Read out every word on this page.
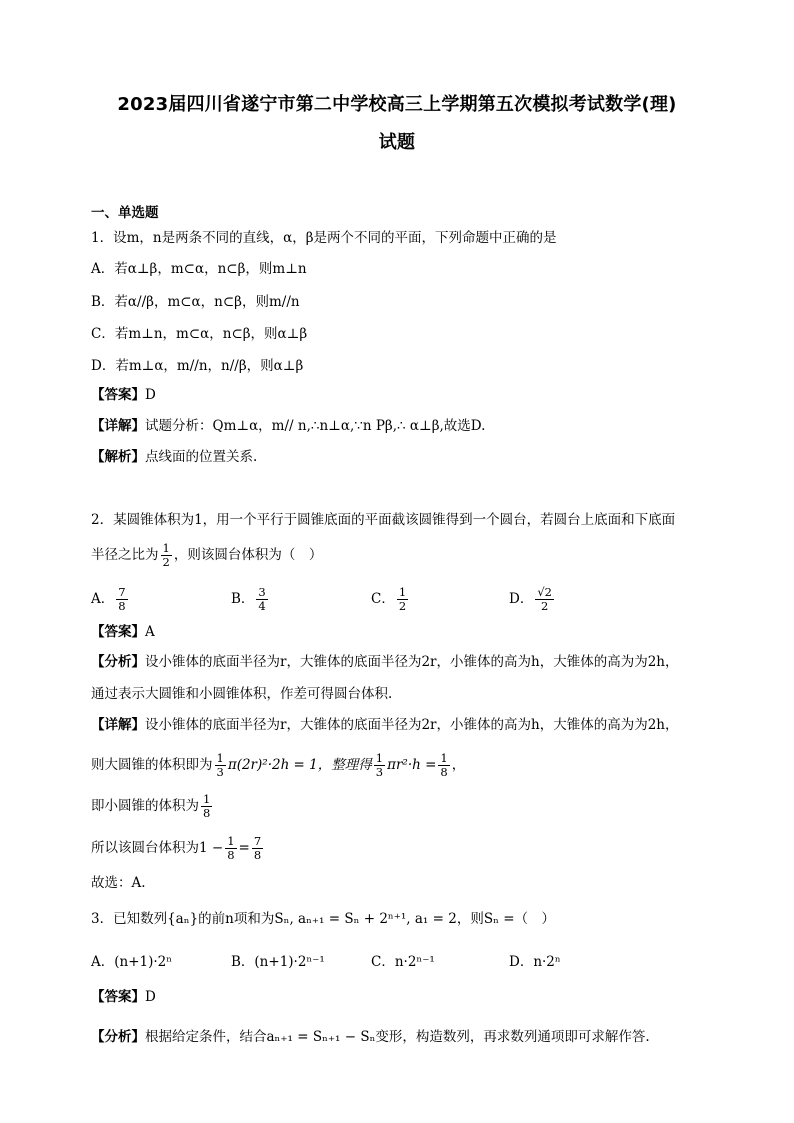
2023届四川省遂宁市第二中学校高三上学期第五次模拟考试数学(理)
试题
一、单选题
1．设m，n是两条不同的直线，α，β是两个不同的平面，下列命题中正确的是
A．若α⊥β，m⊂α，n⊂β，则m⊥n
B．若α//β，m⊂α，n⊂β，则m//n
C．若m⊥n，m⊂α，n⊂β，则α⊥β
D．若m⊥α，m//n，n//β，则α⊥β
【答案】D
【详解】试题分析：Qm⊥α，m// n,∴n⊥α,∵n Pβ,∴ α⊥β,故选D.
【解析】点线面的位置关系.
2．某圆锥体积为1，用一个平行于圆锥底面的平面截该圆锥得到一个圆台，若圆台上底面和下底面
半径之比为 $\frac{1}{2}$ ，则该圆台体积为（　）
A． $\frac{7}{8}$	B． $\frac{3}{4}$	C． $\frac{1}{2}$	D． $\frac{√2}{2}$
【答案】A
【分析】设小锥体的底面半径为r，大锥体的底面半径为2r，小锥体的高为h，大锥体的高为为2h，
通过表示大圆锥和小圆锥体积，作差可得圆台体积.
【详解】设小锥体的底面半径为r，大锥体的底面半径为2r，小锥体的高为h，大锥体的高为为2h，
则大圆锥的体积即为 $\frac{1}{3} \pi(2r)^2\cdot 2h = 1$，整理得 $\frac{1}{3} \pi r^2\cdot h = \frac{1}{8}$ ，
即小圆锥的体积为 $\frac{1}{8}$
所以该圆台体积为$1 - \frac{1}{8} = \frac{7}{8}$
故选：A.
3．已知数列{aₙ}的前n项和为Sₙ, aₙ₊₁ = Sₙ + 2ⁿ⁺¹, a₁ = 2，则Sₙ =（　）
A．(n+1)·2ⁿ	B．(n+1)·2ⁿ⁻¹	C．n·2ⁿ⁻¹	D．n·2ⁿ
【答案】D
【分析】根据给定条件，结合aₙ₊₁ = Sₙ₊₁ − Sₙ变形，构造数列，再求数列通项即可求解作答.
